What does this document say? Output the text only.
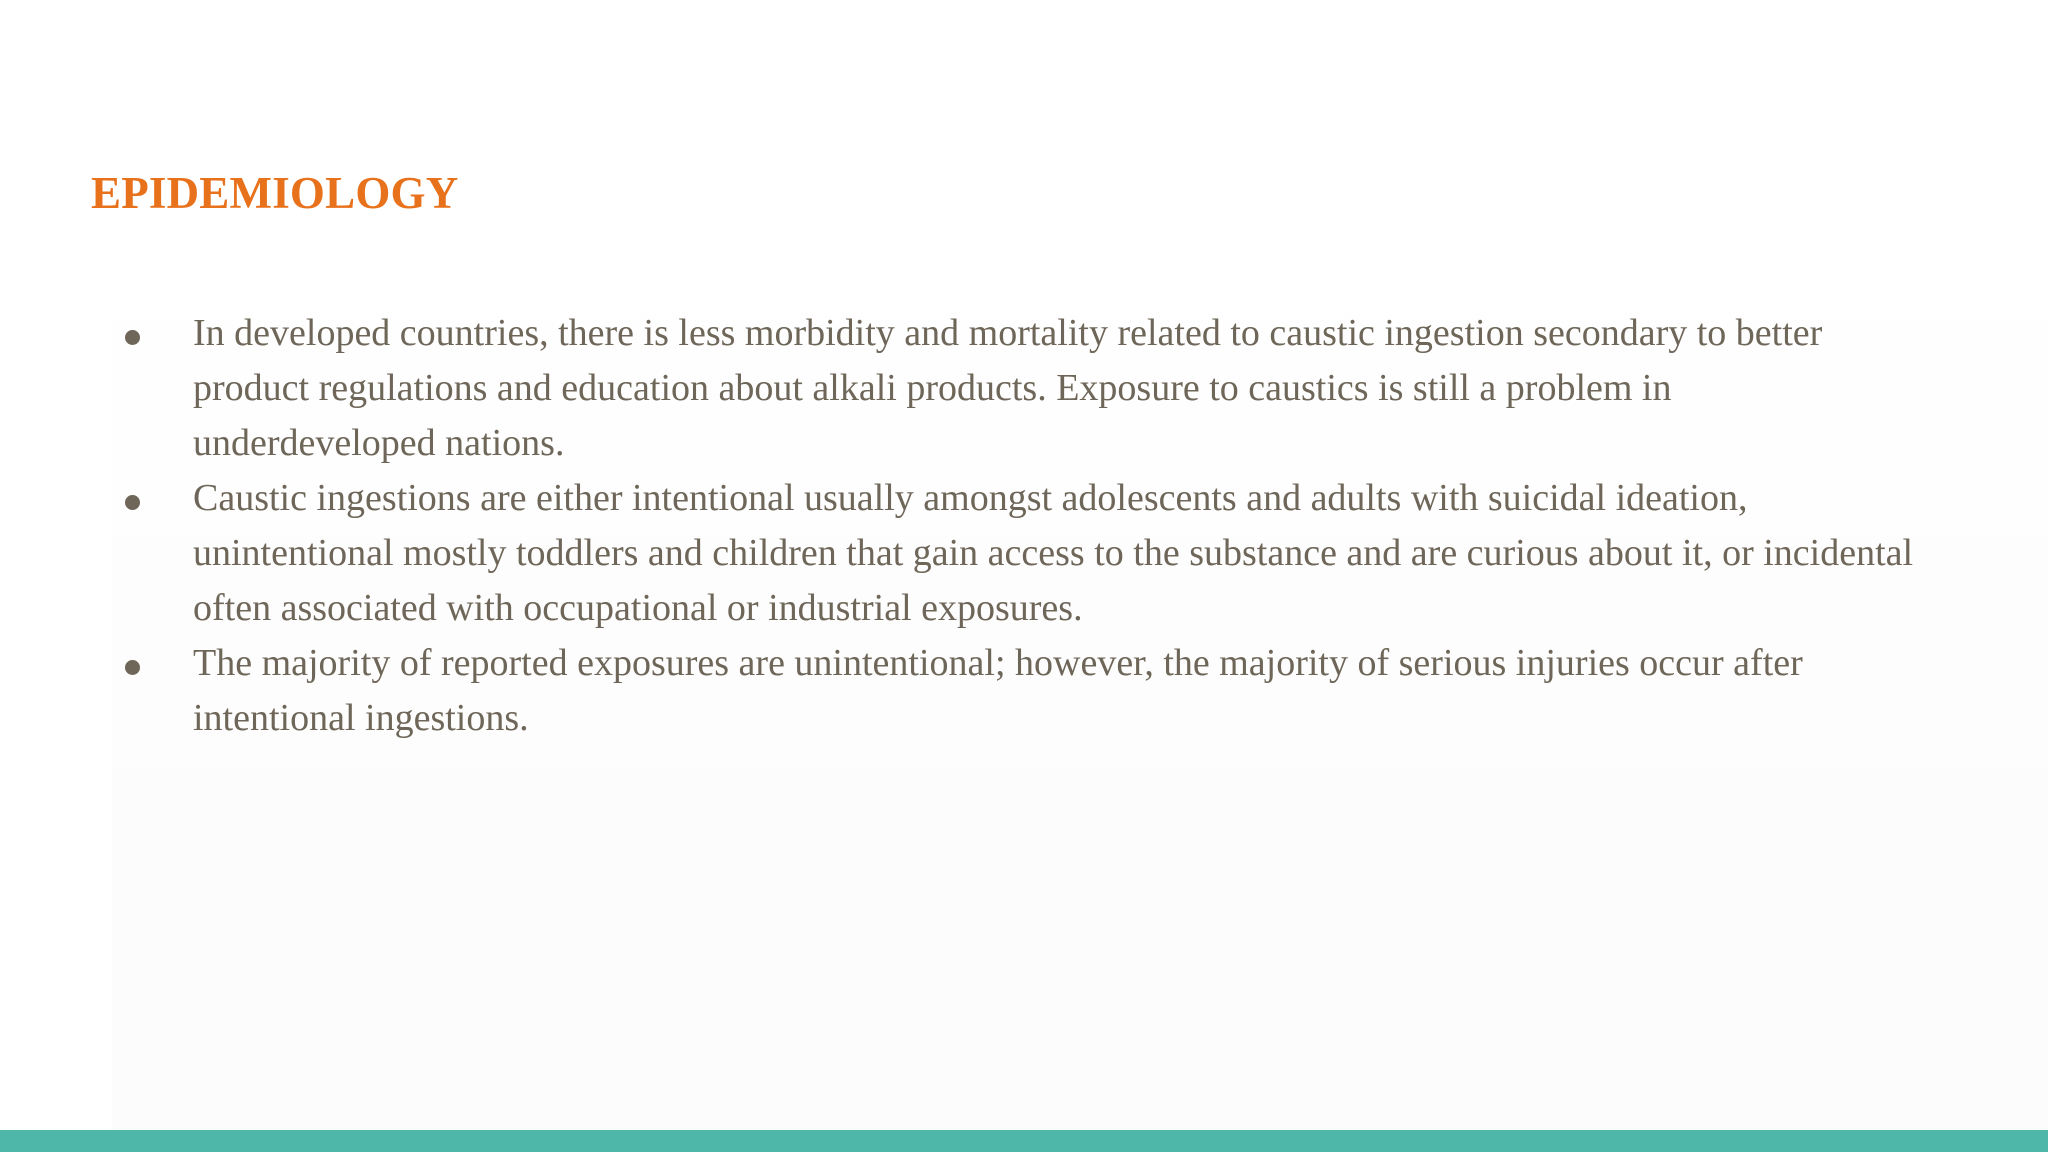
EPIDEMIOLOGY
In developed countries, there is less morbidity and mortality related to caustic ingestion secondary to better product regulations and education about alkali products. Exposure to caustics is still a problem in underdeveloped nations.
Caustic ingestions are either intentional usually amongst adolescents and adults with suicidal ideation, unintentional mostly toddlers and children that gain access to the substance and are curious about it, or incidental often associated with occupational or industrial exposures.
The majority of reported exposures are unintentional; however, the majority of serious injuries occur after intentional ingestions.
